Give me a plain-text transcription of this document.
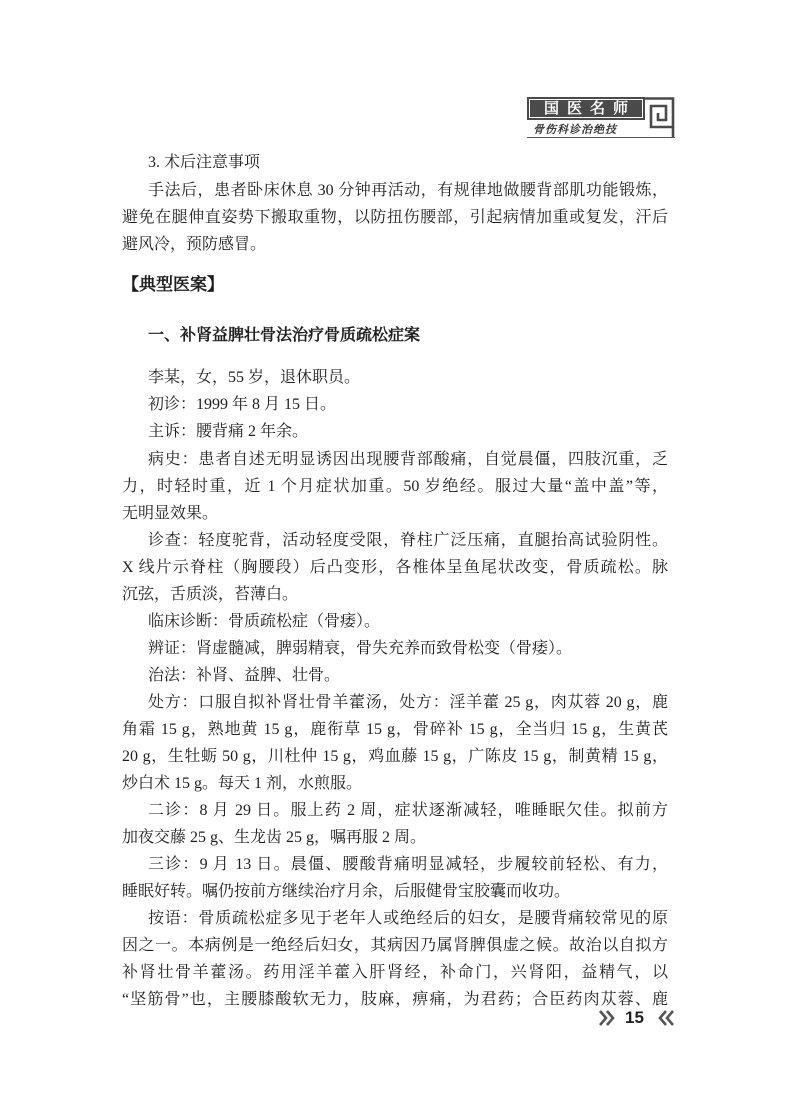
国医名师
骨伤科诊治绝技
3. 术后注意事项
手法后，患者卧床休息 30 分钟再活动，有规律地做腰背部肌功能锻炼，
避免在腿伸直姿势下搬取重物，以防扭伤腰部，引起病情加重或复发，汗后
避风冷，预防感冒。
【典型医案】
一、补肾益脾壮骨法治疗骨质疏松症案
李某，女，55 岁，退休职员。
初诊：1999 年 8 月 15 日。
主诉：腰背痛 2 年余。
病史：患者自述无明显诱因出现腰背部酸痛，自觉晨僵，四肢沉重，乏
力，时轻时重，近 1 个月症状加重。50 岁绝经。服过大量“盖中盖”等，
无明显效果。
诊查：轻度驼背，活动轻度受限，脊柱广泛压痛，直腿抬高试验阴性。
X 线片示脊柱（胸腰段）后凸变形，各椎体呈鱼尾状改变，骨质疏松。脉
沉弦，舌质淡，苔薄白。
临床诊断：骨质疏松症（骨痿）。
辨证：肾虚髓减，脾弱精衰，骨失充养而致骨松变（骨痿）。
治法：补肾、益脾、壮骨。
处方：口服自拟补肾壮骨羊藿汤，处方：淫羊藿 25 g，肉苁蓉 20 g，鹿
角霜 15 g，熟地黄 15 g，鹿衔草 15 g，骨碎补 15 g，全当归 15 g，生黄芪
20 g，生牡蛎 50 g，川杜仲 15 g，鸡血藤 15 g，广陈皮 15 g，制黄精 15 g，
炒白术 15 g。每天 1 剂，水煎服。
二诊：8 月 29 日。服上药 2 周，症状逐渐减轻，唯睡眠欠佳。拟前方
加夜交藤 25 g、生龙齿 25 g，嘱再服 2 周。
三诊：9 月 13 日。晨僵、腰酸背痛明显减轻，步履较前轻松、有力，
睡眠好转。嘱仍按前方继续治疗月余，后服健骨宝胶囊而收功。
按语：骨质疏松症多见于老年人或绝经后的妇女，是腰背痛较常见的原
因之一。本病例是一绝经后妇女，其病因乃属肾脾俱虚之候。故治以自拟方
补肾壮骨羊藿汤。药用淫羊藿入肝肾经，补命门，兴肾阳，益精气，以
“坚筋骨”也，主腰膝酸软无力，肢麻，痹痛，为君药；合臣药肉苁蓉、鹿
15
